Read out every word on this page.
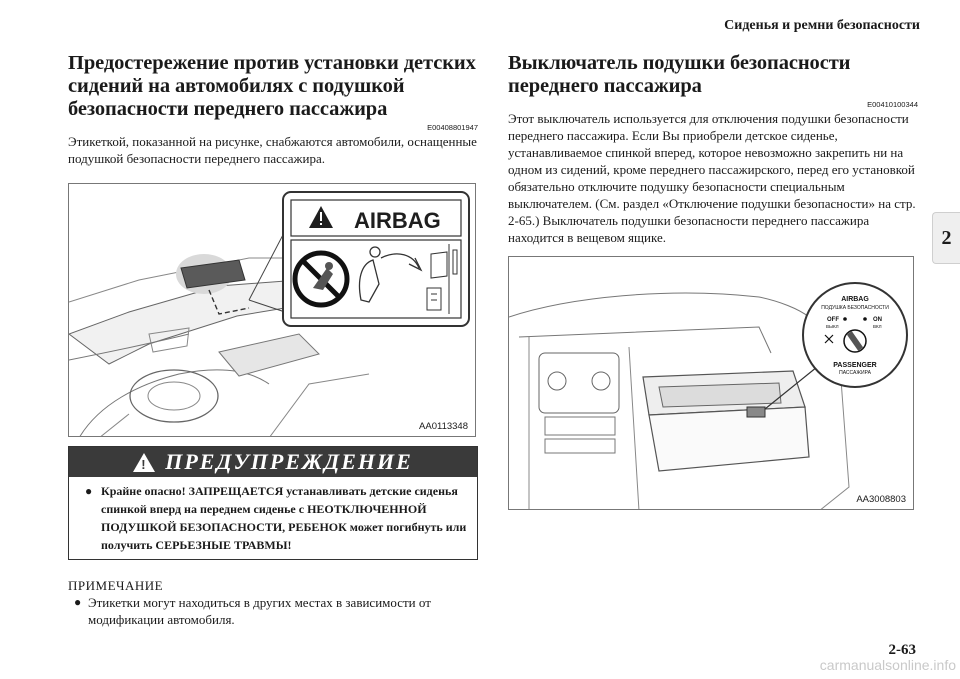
Сиденья и ремни безопасности
2
Предостережение против установки детских сидений на автомобилях с подушкой безопасности переднего пассажира
E00408801947

Этикеткой, показанной на рисунке, снабжаются автомобили, оснащенные подушкой безопасности переднего пассажира.

AIRBAG
AA0113348
! ПРЕДУПРЕЖДЕНИЕ
● Крайне опасно! ЗАПРЕЩАЕТСЯ устанавливать детские сиденья спинкой вперд на переднем сиденье с НЕОТКЛЮЧЕННОЙ ПОДУШКОЙ БЕЗОПАСНОСТИ, РЕБЕНОК может погибнуть или получить СЕРЬЕЗНЫЕ ТРАВМЫ!
ПРИМЕЧАНИЕ
● Этикетки могут находиться в других местах в зависимости от модификации автомобиля.
Выключатель подушки безопасности переднего пассажира
E00410100344

Этот выключатель используется для отключения подушки безопасности переднего пассажира. Если Вы приобрели детское сиденье, устанавливаемое спинкой вперед, которое невозможно закрепить ни на одном из сидений, кроме переднего пассажирского, перед его установкой обязательно отключите подушку безопасности специальным выключателем. (См. раздел «Отключение подушки безопасности» на стр. 2-65.) Выключатель подушки безопасности переднего пассажира находится в вещевом ящике.

AIRBAG
ПОДУШКА БЕЗОПАСНОСТИ
OFF
ВЫКЛ
ON
ВКЛ
PASSENGER
ПАССАЖИРА
AA3008803
2-63
carmanualsonline.info
